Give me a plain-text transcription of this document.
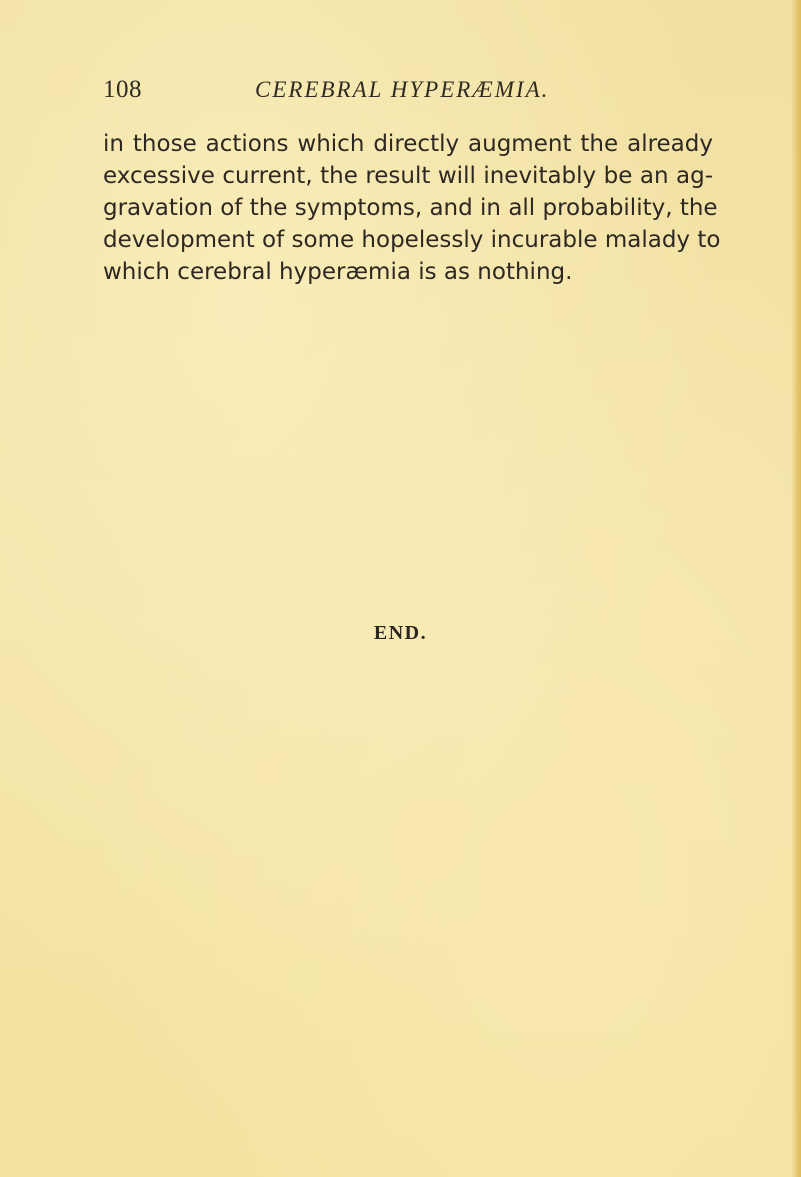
108	CEREBRAL HYPERÆMIA.
in those actions which directly augment the already
excessive current, the result will inevitably be an ag-
gravation of the symptoms, and in all probability, the
development of some hopelessly incurable malady to
which cerebral hyperæmia is as nothing.
END.
